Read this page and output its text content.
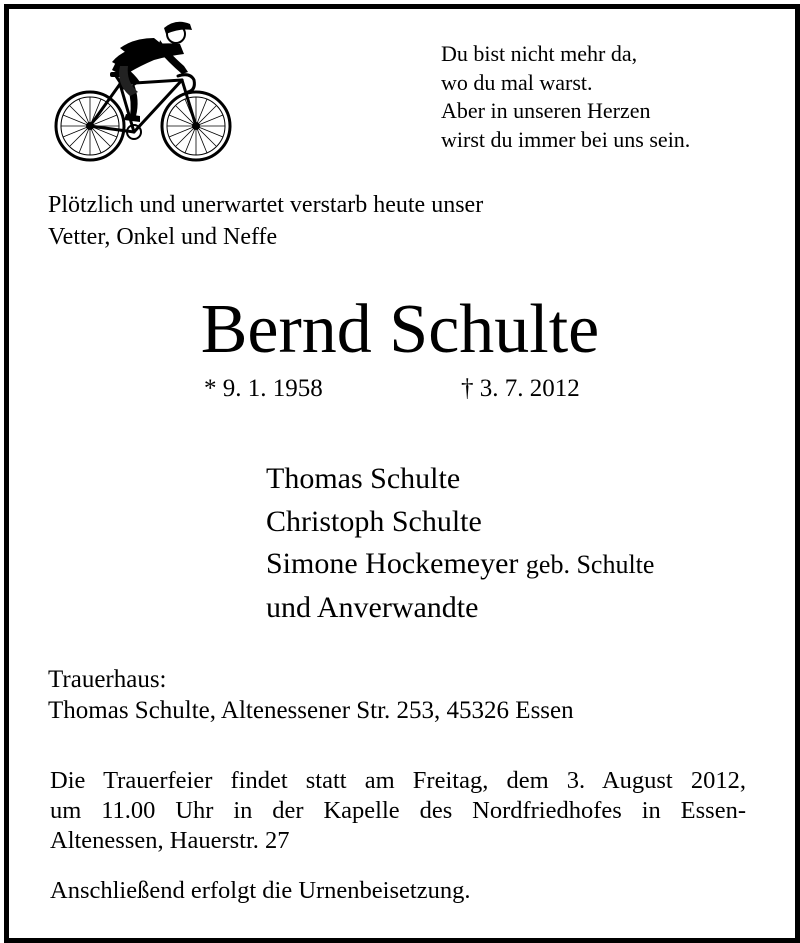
Du bist nicht mehr da,
wo du mal warst.
Aber in unseren Herzen
wirst du immer bei uns sein.
Plötzlich und unerwartet verstarb heute unser
Vetter, Onkel und Neffe
Bernd Schulte
* 9. 1. 1958	† 3. 7. 2012
Thomas Schulte
Christoph Schulte
Simone Hockemeyer geb. Schulte
und Anverwandte
Trauerhaus:
Thomas Schulte, Altenessener Str. 253, 45326 Essen
Die Trauerfeier findet statt am Freitag, dem 3. August 2012,
um 11.00 Uhr in der Kapelle des Nordfriedhofes in Essen-
Altenessen, Hauerstr. 27
Anschließend erfolgt die Urnenbeisetzung.
